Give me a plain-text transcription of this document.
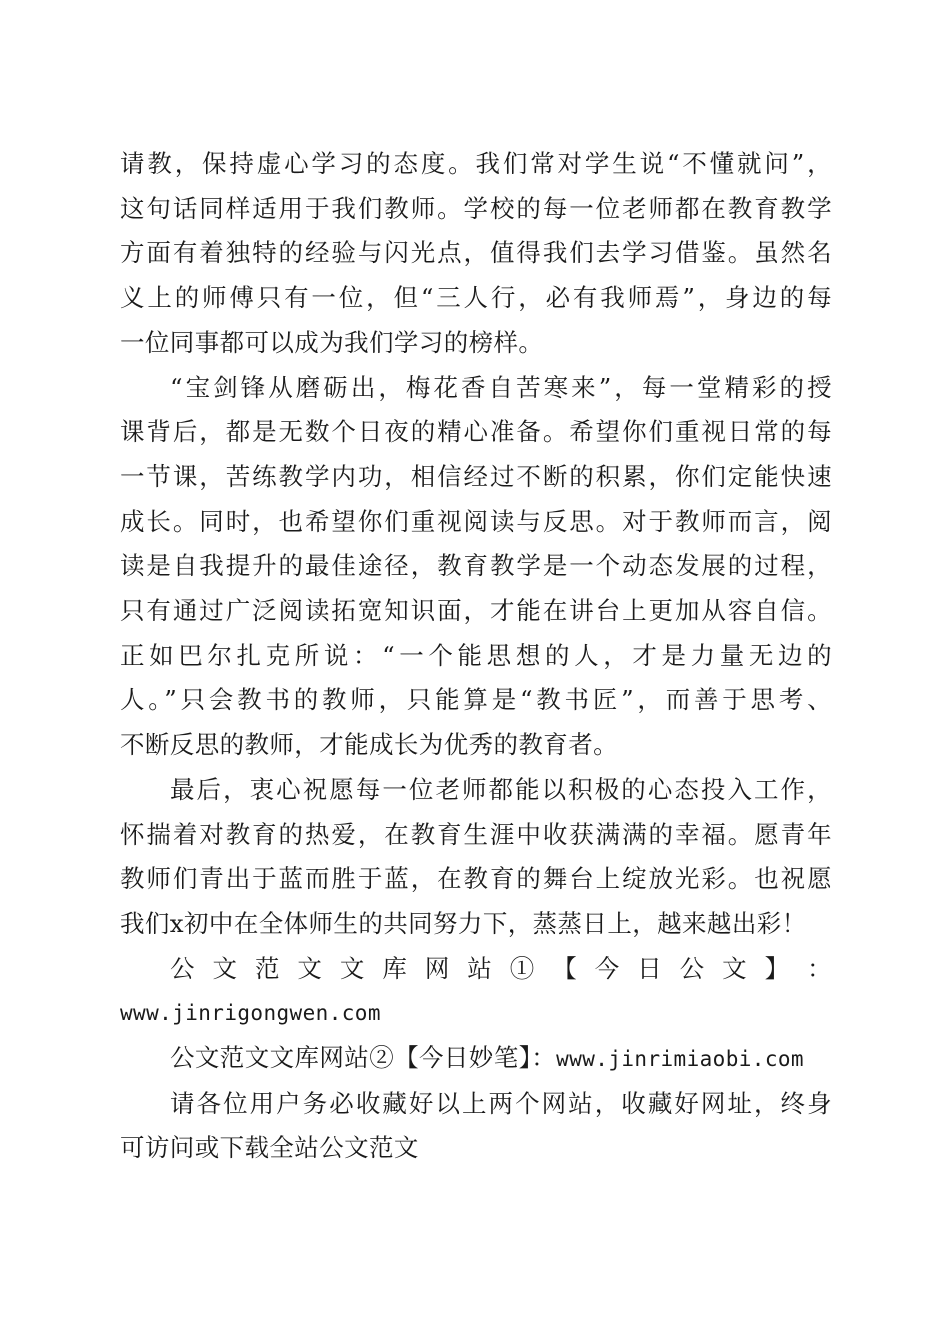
请教，保持虚心学习的态度。我们常对学生说“不懂就问”，
这句话同样适用于我们教师。学校的每一位老师都在教育教学
方面有着独特的经验与闪光点，值得我们去学习借鉴。虽然名
义上的师傅只有一位，但“三人行，必有我师焉”，身边的每
一位同事都可以成为我们学习的榜样。
“宝剑锋从磨砺出，梅花香自苦寒来”，每一堂精彩的授
课背后，都是无数个日夜的精心准备。希望你们重视日常的每
一节课，苦练教学内功，相信经过不断的积累，你们定能快速
成长。同时，也希望你们重视阅读与反思。对于教师而言，阅
读是自我提升的最佳途径，教育教学是一个动态发展的过程，
只有通过广泛阅读拓宽知识面，才能在讲台上更加从容自信。
正如巴尔扎克所说：“一个能思想的人，才是力量无边的
人。”只会教书的教师，只能算是“教书匠”，而善于思考、
不断反思的教师，才能成长为优秀的教育者。
最后，衷心祝愿每一位老师都能以积极的心态投入工作，
怀揣着对教育的热爱，在教育生涯中收获满满的幸福。愿青年
教师们青出于蓝而胜于蓝，在教育的舞台上绽放光彩。也祝愿
我们x初中在全体师生的共同努力下，蒸蒸日上，越来越出彩！
公 文 范 文 文 库 网 站 ① 【 今 日 公 文 】 ：
www.jinrigongwen.com
公文范文文库网站②【今日妙笔】：www.jinrimiaobi.com
请各位用户务必收藏好以上两个网站，收藏好网址，终身
可访问或下载全站公文范文
